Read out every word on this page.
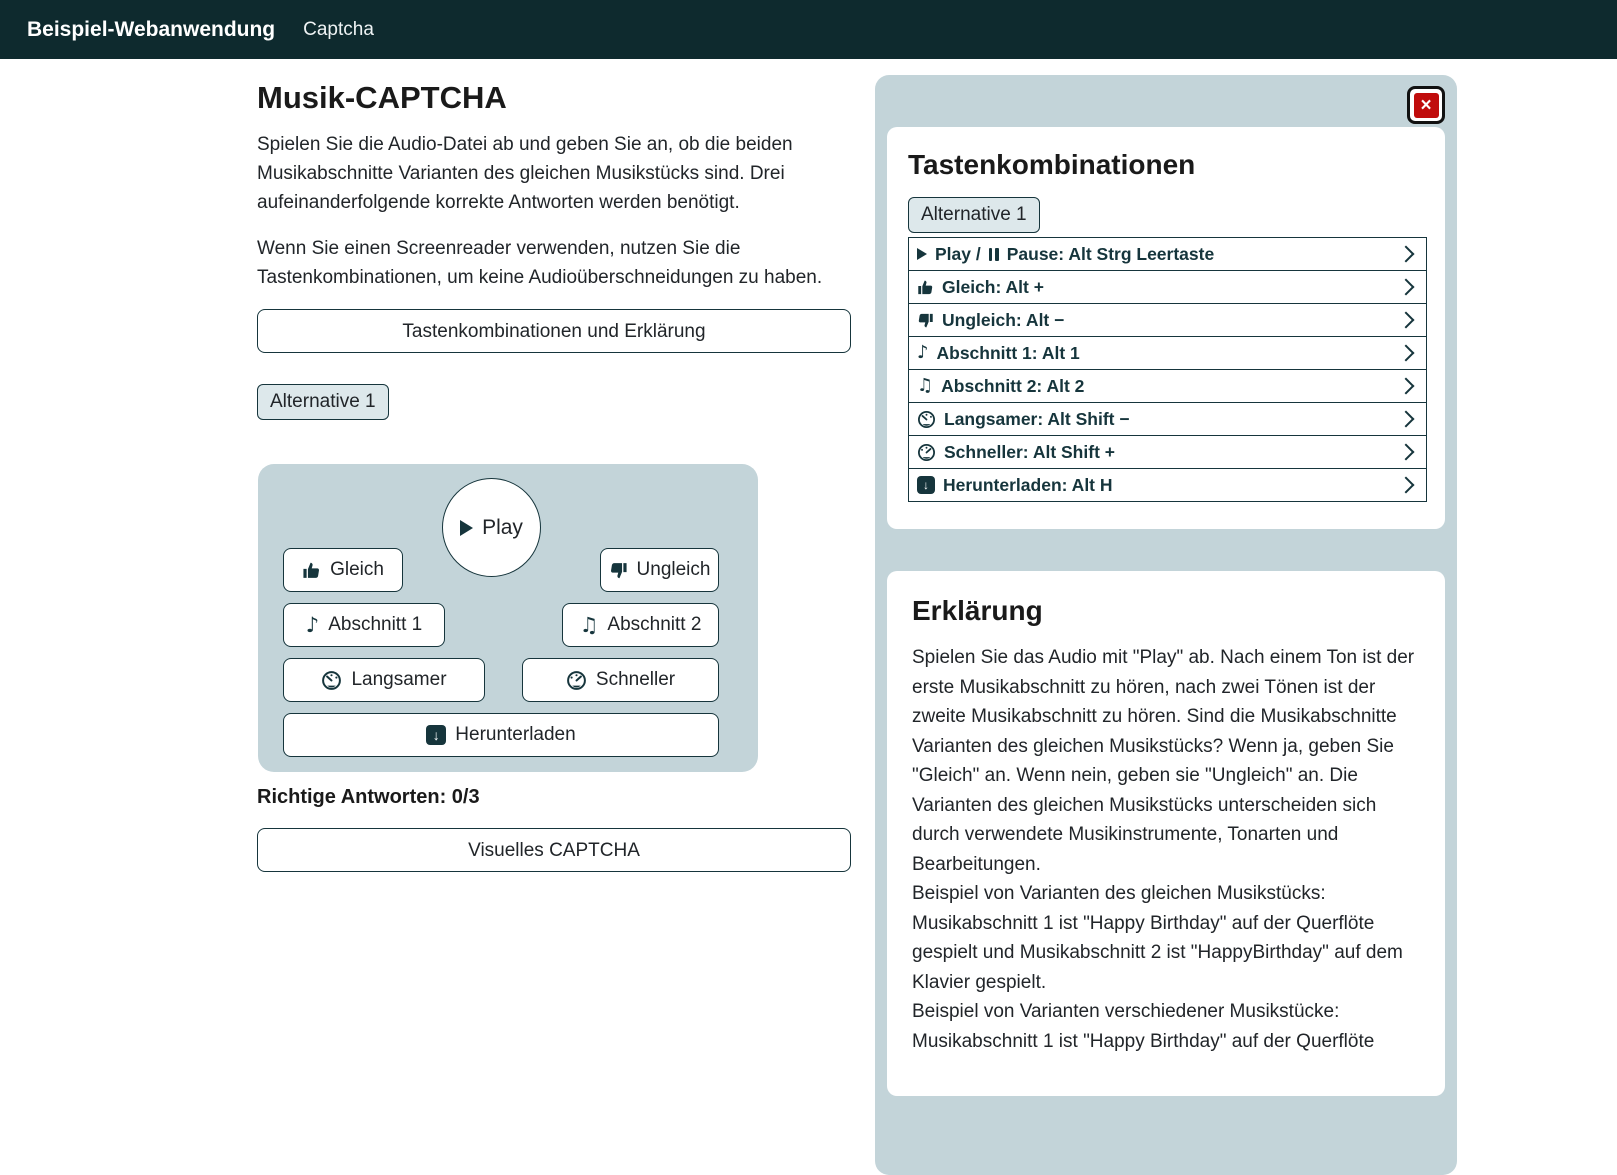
Beispiel-Webanwendung Captcha
Musik-CAPTCHA

Spielen Sie die Audio-Datei ab und geben Sie an, ob die beiden Musikabschnitte Varianten des gleichen Musikstücks sind. Drei aufeinanderfolgende korrekte Antworten werden benötigt.

Wenn Sie einen Screenreader verwenden, nutzen Sie die Tastenkombinationen, um keine Audioüberschneidungen zu haben.

Tastenkombinationen und Erklärung
Alternative 1
Play
Gleich	Ungleich
♪ Abschnitt 1	♫ Abschnitt 2
Langsamer	Schneller
↓ Herunterladen

Richtige Antworten: 0/3

Visuelles CAPTCHA
×
Tastenkombinationen
Alternative 1
Play / Pause: Alt Strg Leertaste
Gleich: Alt +
Ungleich: Alt −
♪ Abschnitt 1: Alt 1
♫ Abschnitt 2: Alt 2
Langsamer: Alt Shift −
Schneller: Alt Shift +
↓ Herunterladen: Alt H
Erklärung
Spielen Sie das Audio mit "Play" ab. Nach einem Ton ist der erste Musikabschnitt zu hören, nach zwei Tönen ist der zweite Musikabschnitt zu hören. Sind die Musikabschnitte Varianten des gleichen Musikstücks? Wenn ja, geben Sie "Gleich" an. Wenn nein, geben sie "Ungleich" an. Die Varianten des gleichen Musikstücks unterscheiden sich durch verwendete Musikinstrumente, Tonarten und Bearbeitungen.
Beispiel von Varianten des gleichen Musikstücks:
Musikabschnitt 1 ist "Happy Birthday" auf der Querflöte gespielt und Musikabschnitt 2 ist "HappyBirthday" auf dem Klavier gespielt.
Beispiel von Varianten verschiedener Musikstücke:
Musikabschnitt 1 ist "Happy Birthday" auf der Querflöte
